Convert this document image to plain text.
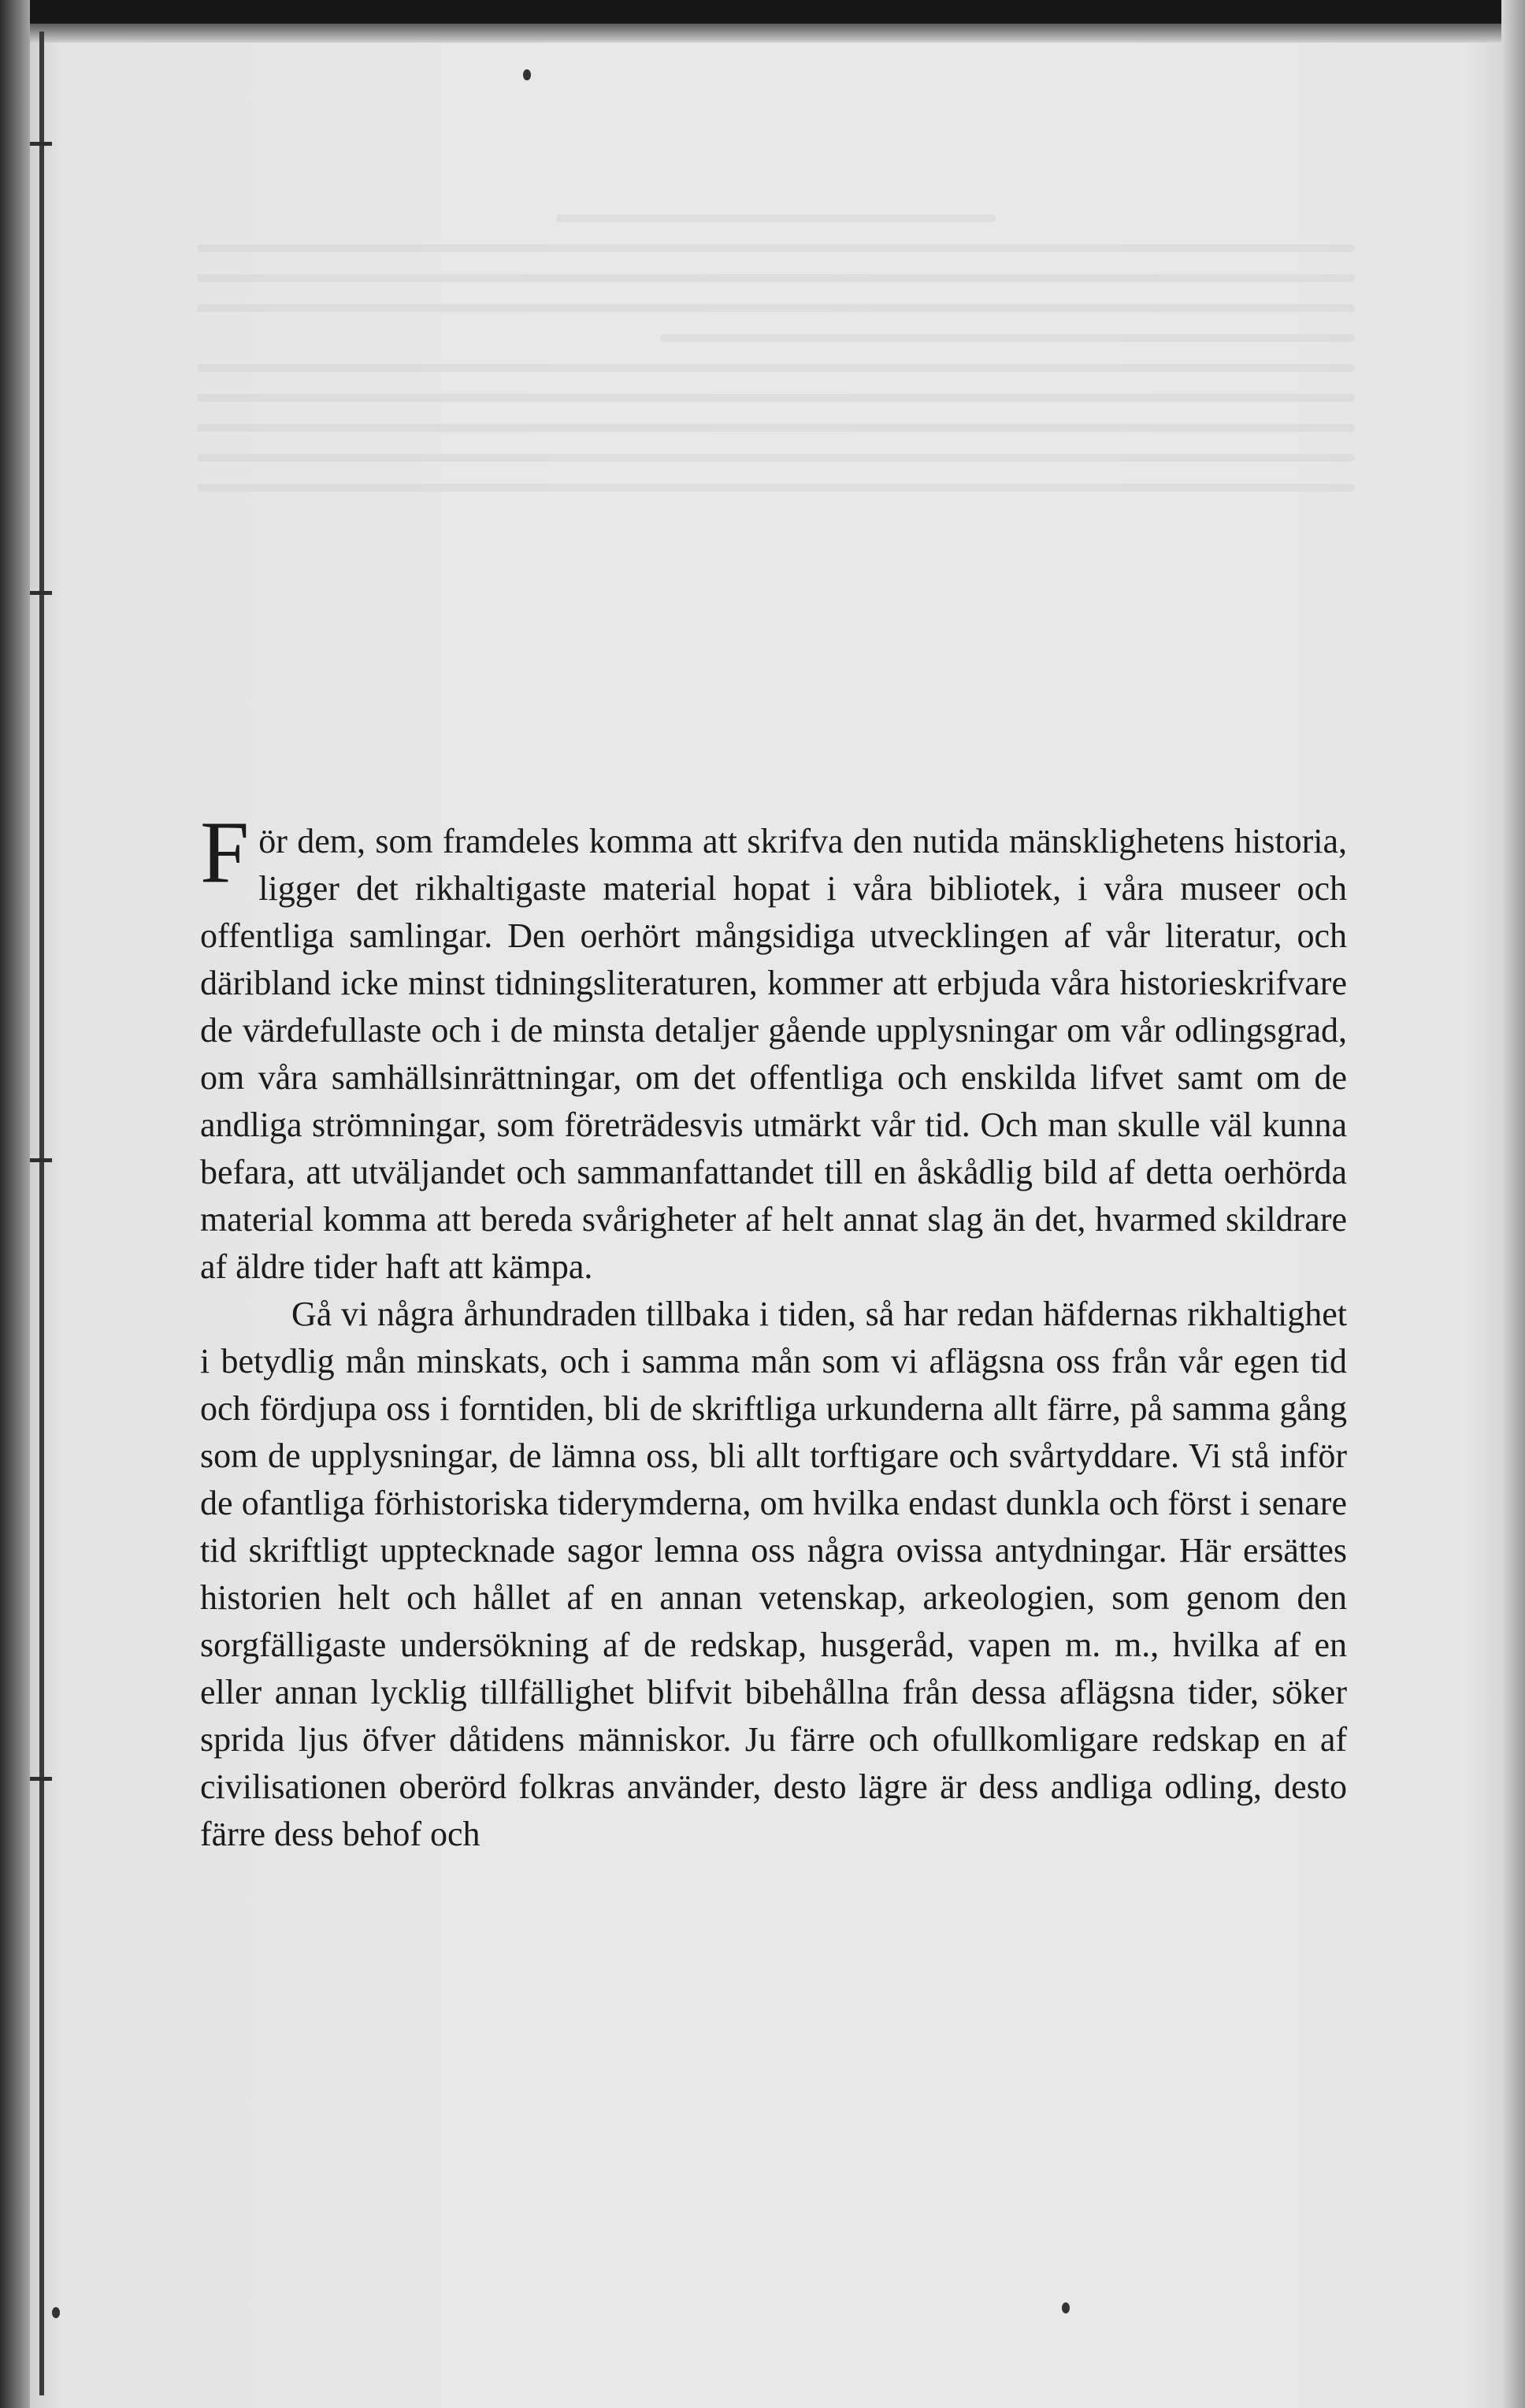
För dem, som framdeles komma att skrifva den nutida mänsklighetens historia, ligger det rikhaltigaste material hopat i våra bibliotek, i våra museer och offentliga samlingar. Den oerhört mångsidiga utvecklingen af vår literatur, och däribland icke minst tidningsliteraturen, kommer att erbjuda våra historieskrifvare de värdefullaste och i de minsta detaljer gående upplysningar om vår odlingsgrad, om våra samhällsinrättningar, om det offentliga och enskilda lifvet samt om de andliga strömningar, som företrädesvis utmärkt vår tid. Och man skulle väl kunna befara, att utväljandet och sammanfattandet till en åskådlig bild af detta oerhörda material komma att bereda svårigheter af helt annat slag än det, hvarmed skildrare af äldre tider haft att kämpa.

Gå vi några århundraden tillbaka i tiden, så har redan häfdernas rikhaltighet i betydlig mån minskats, och i samma mån som vi aflägsna oss från vår egen tid och fördjupa oss i forntiden, bli de skriftliga urkunderna allt färre, på samma gång som de upplysningar, de lämna oss, bli allt torftigare och svårtyddare. Vi stå inför de ofantliga förhistoriska tiderymderna, om hvilka endast dunkla och först i senare tid skriftligt upptecknade sagor lemna oss några ovissa antydningar. Här ersättes historien helt och hållet af en annan vetenskap, arkeologien, som genom den sorgfälligaste undersökning af de redskap, husgeråd, vapen m. m., hvilka af en eller annan lycklig tillfällighet blifvit bibehållna från dessa aflägsna tider, söker sprida ljus öfver dåtidens människor. Ju färre och ofullkomligare redskap en af civilisationen oberörd folkras använder, desto lägre är dess andliga odling, desto färre dess behof och
